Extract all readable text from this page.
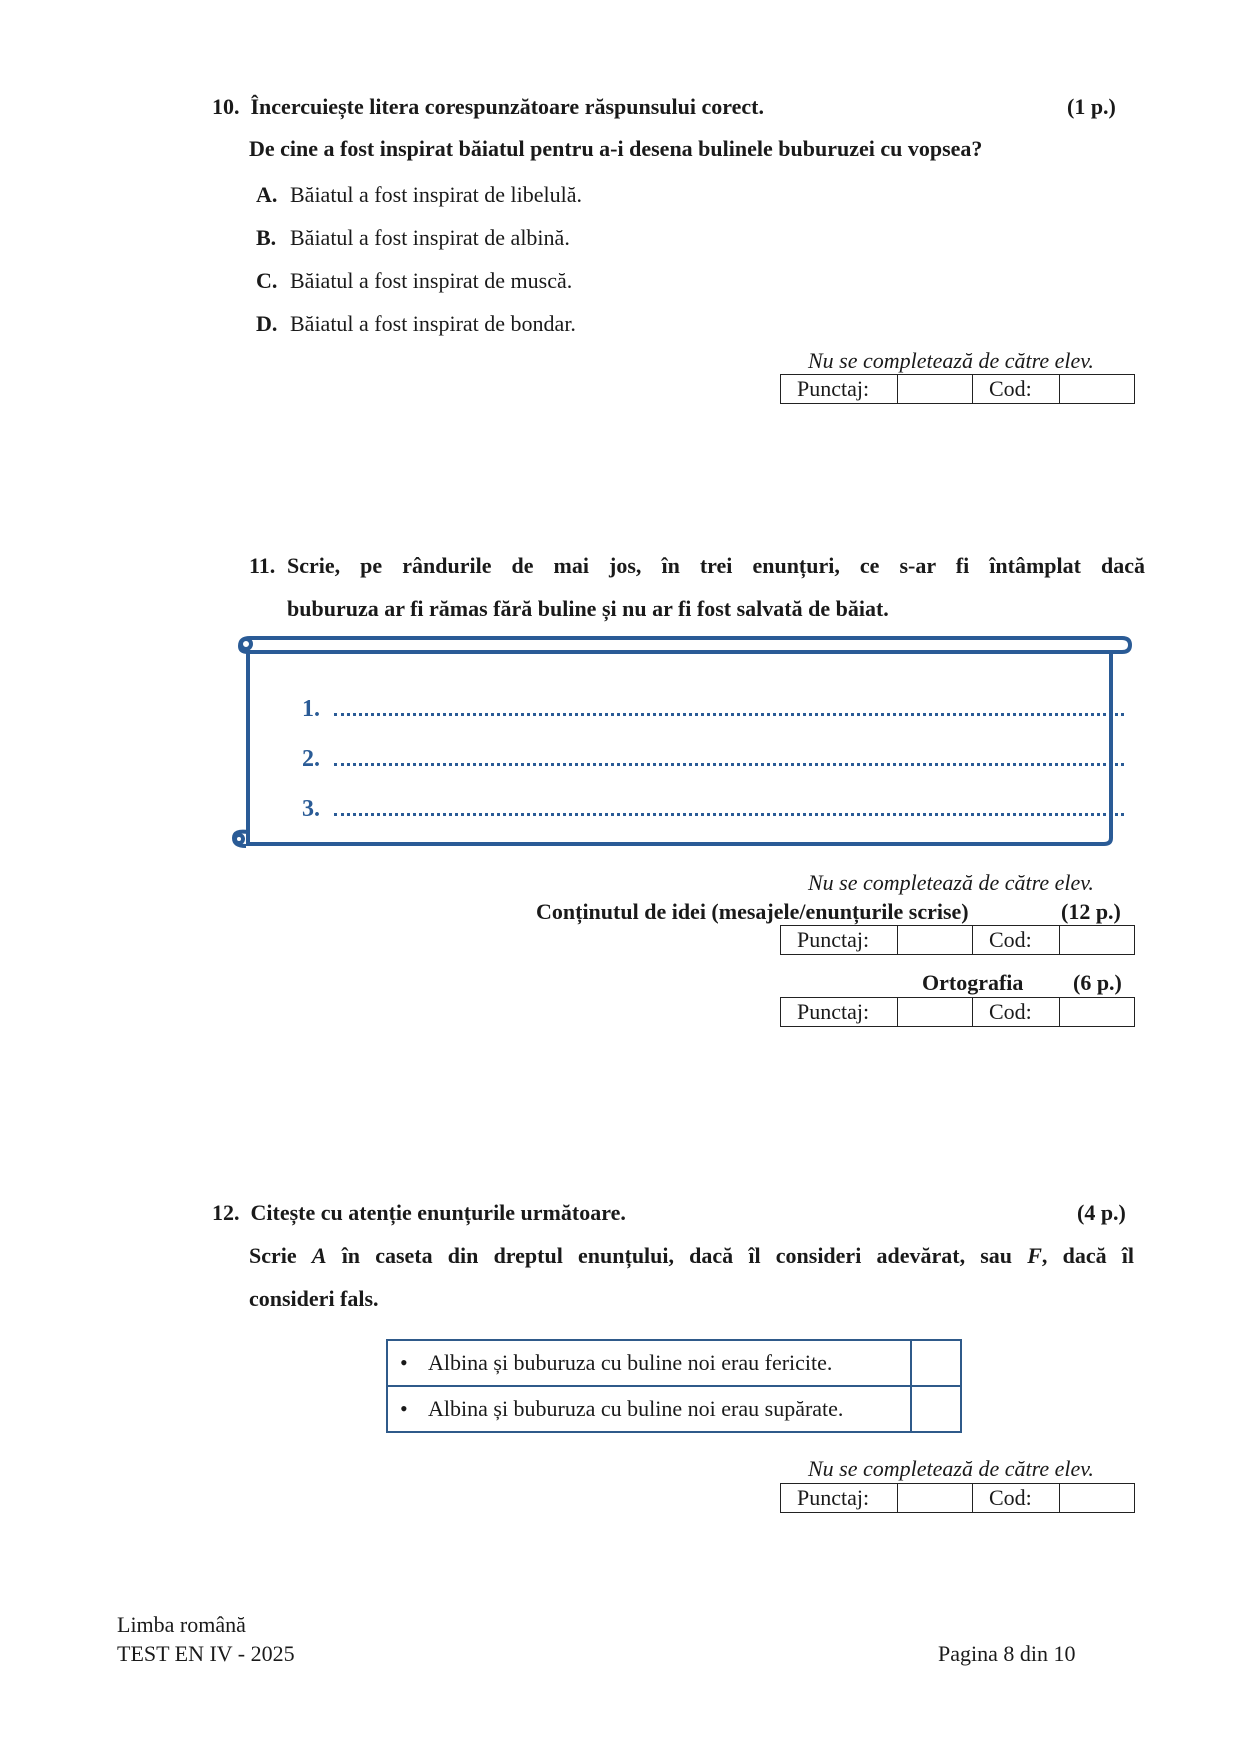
10. Încercuiește litera corespunzătoare răspunsului corect.	(1 p.)
De cine a fost inspirat băiatul pentru a-i desena bulinele buburuzei cu vopsea?
A. Băiatul a fost inspirat de libelulă.
B. Băiatul a fost inspirat de albină.
C. Băiatul a fost inspirat de muscă.
D. Băiatul a fost inspirat de bondar.
Nu se completează de către elev.
Punctaj:		Cod:	
11. Scrie, pe rândurile de mai jos, în trei enunțuri, ce s-ar fi întâmplat dacă
buburuza ar fi rămas fără buline și nu ar fi fost salvată de băiat.
1.
2.
3.
Nu se completează de către elev.
Conținutul de idei (mesajele/enunțurile scrise)	(12 p.)
Punctaj:		Cod:	
Ortografia (6 p.)
Punctaj:		Cod:	
12. Citește cu atenție enunțurile următoare.	(4 p.)
Scrie A în caseta din dreptul enunțului, dacă îl consideri adevărat, sau F, dacă îl
consideri fals.
• Albina și buburuza cu buline noi erau fericite.	
• Albina și buburuza cu buline noi erau supărate.	
Nu se completează de către elev.
Punctaj:		Cod:	
Limba română
TEST EN IV - 2025	Pagina 8 din 10
